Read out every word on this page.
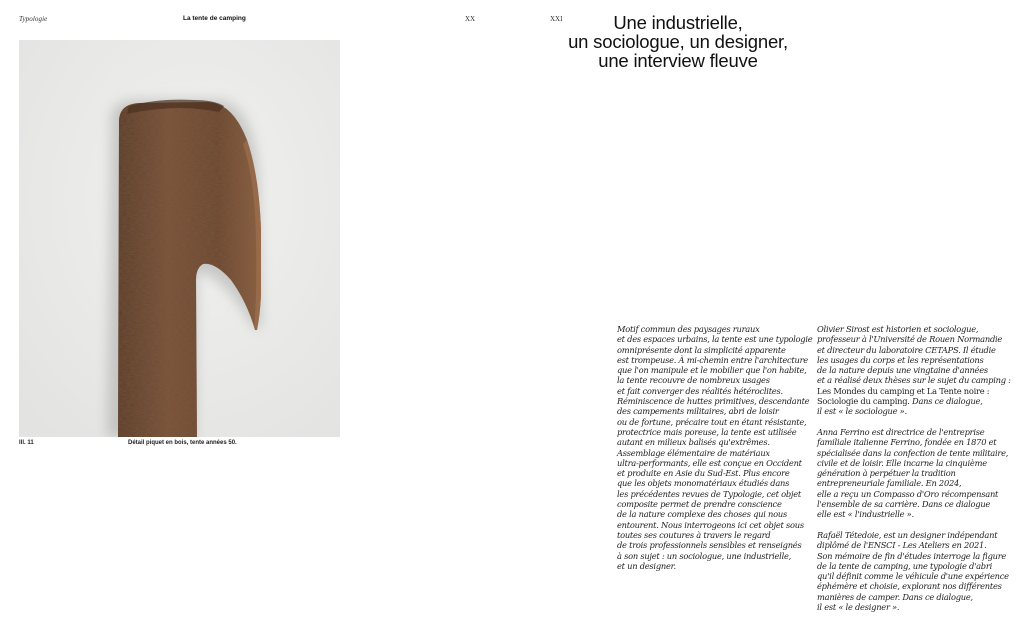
Typologie	La tente de camping	XX	XXI
Ill. 11	Détail piquet en bois, tente années 50.
Une industrielle,
un sociologue, un designer,
une interview fleuve
Motif commun des paysages ruraux
et des espaces urbains, la tente est une typologie
omniprésente dont la simplicité apparente
est trompeuse. À mi-chemin entre l'architecture
que l'on manipule et le mobilier que l'on habite,
la tente recouvre de nombreux usages
et fait converger des réalités hétéroclites.
Réminiscence de huttes primitives, descendante
des campements militaires, abri de loisir
ou de fortune, précaire tout en étant résistante,
protectrice mais poreuse, la tente est utilisée
autant en milieux balisés qu'extrêmes.
Assemblage élémentaire de matériaux
ultra-performants, elle est conçue en Occident
et produite en Asie du Sud-Est. Plus encore
que les objets monomatériaux étudiés dans
les précédentes revues de Typologie, cet objet
composite permet de prendre conscience
de la nature complexe des choses qui nous
entourent. Nous interrogeons ici cet objet sous
toutes ses coutures à travers le regard
de trois professionnels sensibles et renseignés
à son sujet : un sociologue, une industrielle,
et un designer.
Olivier Sirost est historien et sociologue,
professeur à l'Université de Rouen Normandie
et directeur du laboratoire CETAPS. Il étudie
les usages du corps et les représentations
de la nature depuis une vingtaine d'années
et a réalisé deux thèses sur le sujet du camping :
Les Mondes du camping et La Tente noire :
Sociologie du camping. Dans ce dialogue,
il est « le sociologue ».
Anna Ferrino est directrice de l'entreprise
familiale italienne Ferrino, fondée en 1870 et
spécialisée dans la confection de tente militaire,
civile et de loisir. Elle incarne la cinquième
génération à perpétuer la tradition
entrepreneuriale familiale. En 2024,
elle a reçu un Compasso d'Oro récompensant
l'ensemble de sa carrière. Dans ce dialogue
elle est « l'industrielle ».
Rafaël Tétedoie, est un designer indépendant
diplômé de l'ENSCI - Les Ateliers en 2021.
Son mémoire de fin d'études interroge la figure
de la tente de camping, une typologie d'abri
qu'il définit comme le véhicule d'une expérience
éphémère et choisie, explorant nos différentes
manières de camper. Dans ce dialogue,
il est « le designer ».
